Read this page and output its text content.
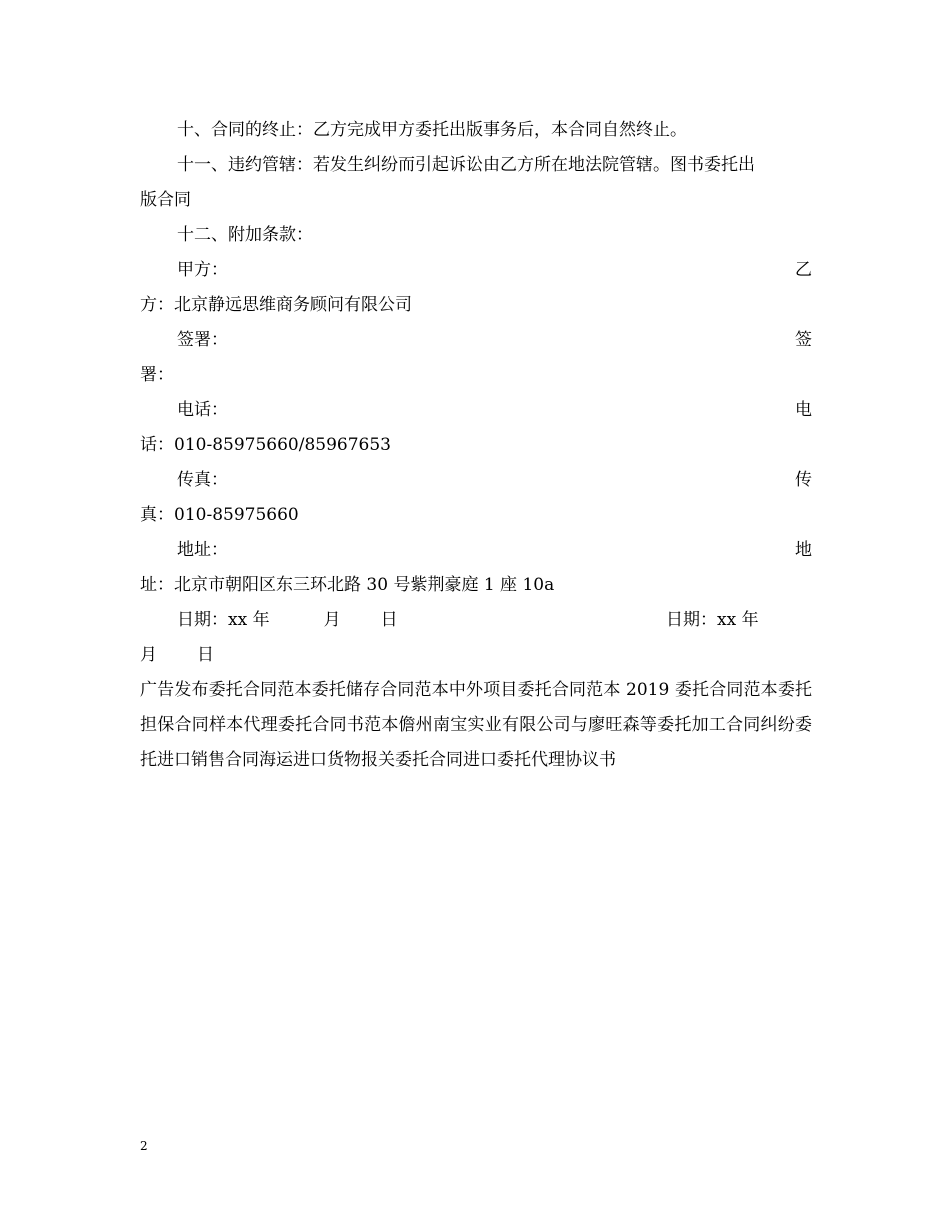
十、合同的终止：乙方完成甲方委托出版事务后，本合同自然终止。
十一、违约管辖：若发生纠纷而引起诉讼由乙方所在地法院管辖。图书委托出
版合同
十二、附加条款：
甲方：	乙
方：北京静远思维商务顾问有限公司
签署：	签
署：
电话：	电
话：010-85975660/85967653
传真：	传
真：010-85975660
地址：	地
址：北京市朝阳区东三环北路 30 号紫荆豪庭 1 座 10a
日期：xx 年	月 日	日期：xx 年
月 日
广告发布委托合同范本委托储存合同范本中外项目委托合同范本 2019 委托合同范本委托担保合同样本代理委托合同书范本儋州南宝实业有限公司与廖旺森等委托加工合同纠纷委托进口销售合同海运进口货物报关委托合同进口委托代理协议书
2
